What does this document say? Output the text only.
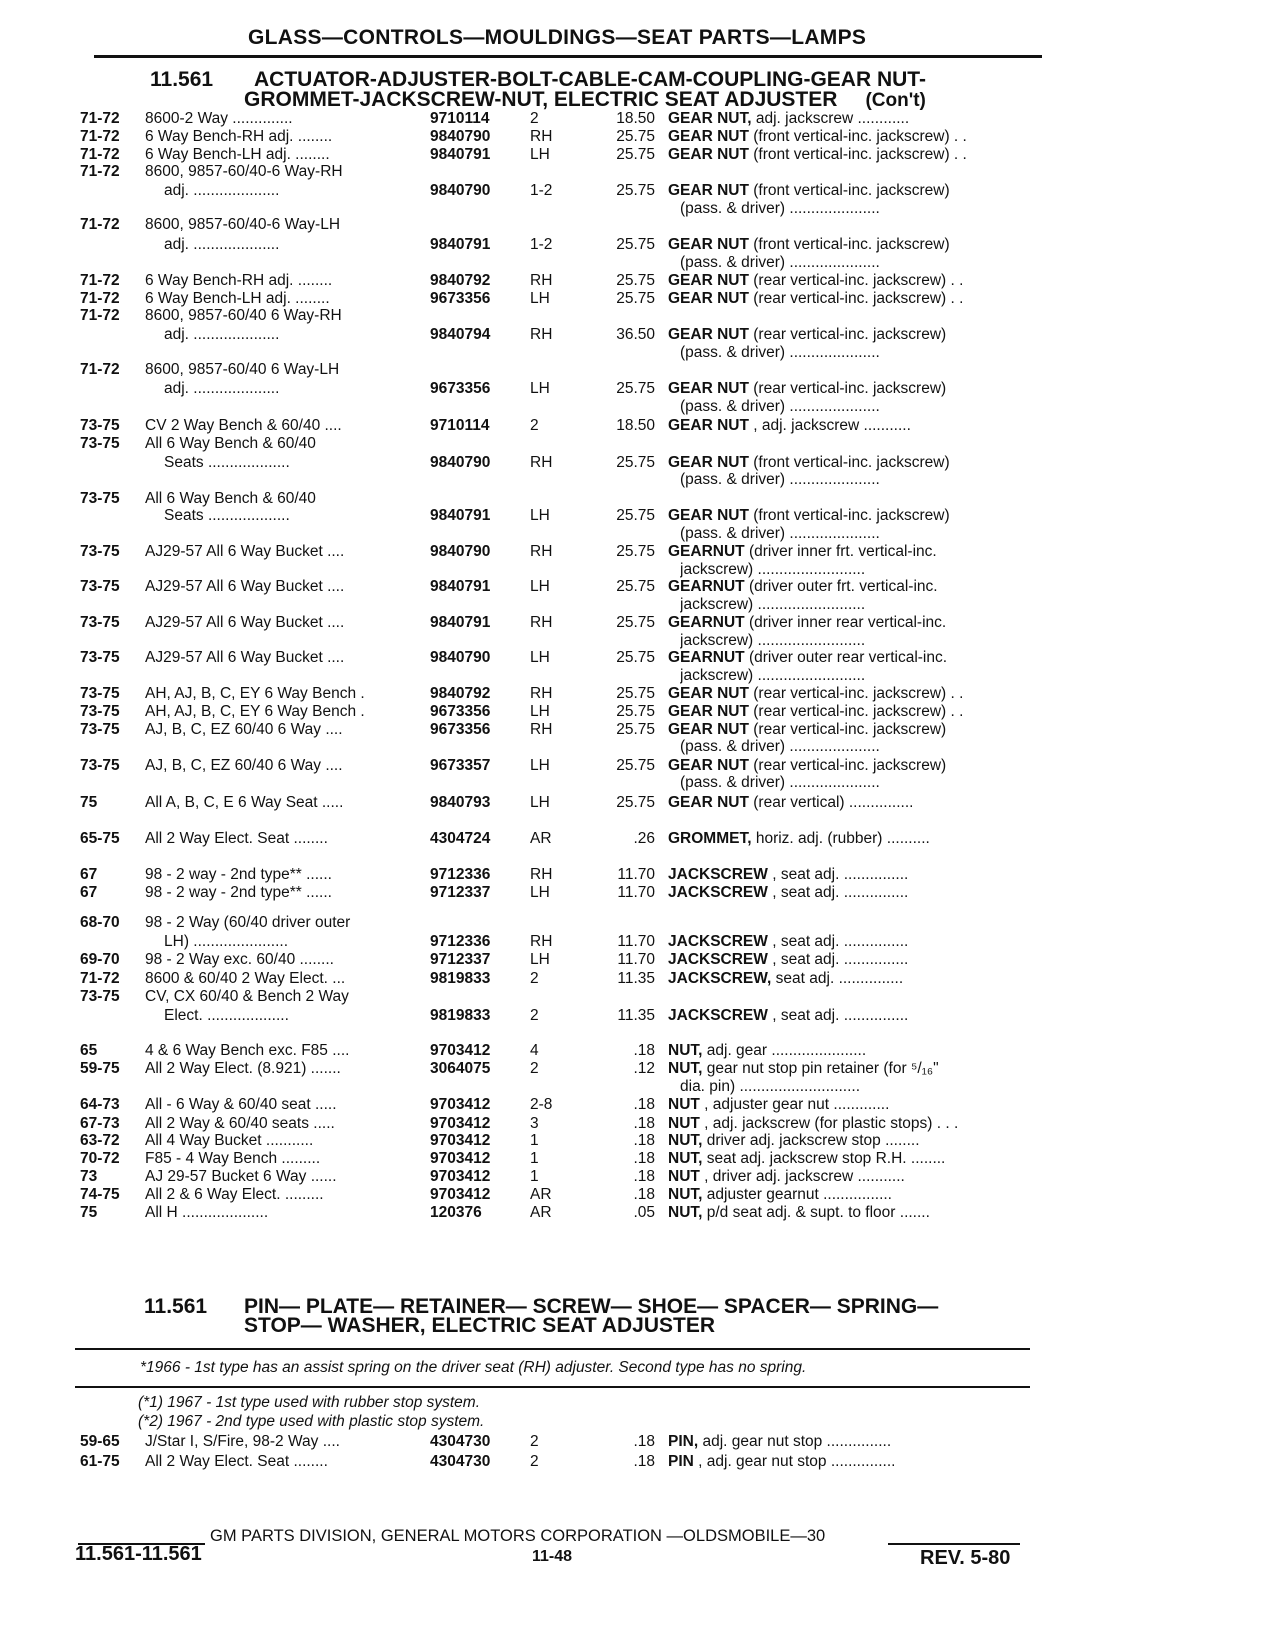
GLASS—CONTROLS—MOULDINGS—SEAT PARTS—LAMPS
11.561 ACTUATOR-ADJUSTER-BOLT-CABLE-CAM-COUPLING-GEAR NUT-
GROMMET-JACKSCREW-NUT, ELECTRIC SEAT ADJUSTER (Con't)
71-72	8600-2 Way ..............	9710114	2	18.50 GEAR NUT, adj. jackscrew ............
71-72	6 Way Bench-RH adj. ........	9840790	RH	25.75 GEAR NUT (front vertical-inc. jackscrew) . .
71-72	6 Way Bench-LH adj. ........	9840791	LH	25.75 GEAR NUT (front vertical-inc. jackscrew) . .
71-72	8600, 9857-60/40-6 Way-RH
adj. ....................	9840790	1-2	25.75 GEAR NUT (front vertical-inc. jackscrew)
(pass. & driver) .....................
71-72	8600, 9857-60/40-6 Way-LH
adj. ....................	9840791	1-2	25.75 GEAR NUT (front vertical-inc. jackscrew)
(pass. & driver) .....................
71-72	6 Way Bench-RH adj. ........	9840792	RH	25.75 GEAR NUT (rear vertical-inc. jackscrew) . .
71-72	6 Way Bench-LH adj. ........	9673356	LH	25.75 GEAR NUT (rear vertical-inc. jackscrew) . .
71-72	8600, 9857-60/40 6 Way-RH
adj. ....................	9840794	RH	36.50 GEAR NUT (rear vertical-inc. jackscrew)
(pass. & driver) .....................
71-72	8600, 9857-60/40 6 Way-LH
adj. ....................	9673356	LH	25.75 GEAR NUT (rear vertical-inc. jackscrew)
(pass. & driver) .....................
73-75	CV 2 Way Bench & 60/40 ....	9710114	2	18.50 GEAR NUT , adj. jackscrew ...........
73-75	All 6 Way Bench & 60/40
Seats ...................	9840790	RH	25.75 GEAR NUT (front vertical-inc. jackscrew)
(pass. & driver) .....................
73-75	All 6 Way Bench & 60/40
Seats ...................	9840791	LH	25.75 GEAR NUT (front vertical-inc. jackscrew)
(pass. & driver) .....................
73-75	AJ29-57 All 6 Way Bucket ....	9840790	RH	25.75 GEARNUT (driver inner frt. vertical-inc.
jackscrew) .........................
73-75	AJ29-57 All 6 Way Bucket ....	9840791	LH	25.75 GEARNUT (driver outer frt. vertical-inc.
jackscrew) .........................
73-75	AJ29-57 All 6 Way Bucket ....	9840791	RH	25.75 GEARNUT (driver inner rear vertical-inc.
jackscrew) .........................
73-75	AJ29-57 All 6 Way Bucket ....	9840790	LH	25.75 GEARNUT (driver outer rear vertical-inc.
jackscrew) .........................
73-75	AH, AJ, B, C, EY 6 Way Bench .	9840792	RH	25.75 GEAR NUT (rear vertical-inc. jackscrew) . .
73-75	AH, AJ, B, C, EY 6 Way Bench .	9673356	LH	25.75 GEAR NUT (rear vertical-inc. jackscrew) . .
73-75	AJ, B, C, EZ 60/40 6 Way ....	9673356	RH	25.75 GEAR NUT (rear vertical-inc. jackscrew)
(pass. & driver) .....................
73-75	AJ, B, C, EZ 60/40 6 Way ....	9673357	LH	25.75 GEAR NUT (rear vertical-inc. jackscrew)
(pass. & driver) .....................
75	All A, B, C, E 6 Way Seat .....	9840793	LH	25.75 GEAR NUT (rear vertical) ...............
65-75	All 2 Way Elect. Seat ........	4304724	AR	.26 GROMMET, horiz. adj. (rubber) ..........
67	98 - 2 way - 2nd type** ......	9712336	RH	11.70 JACKSCREW , seat adj. ...............
67	98 - 2 way - 2nd type** ......	9712337	LH	11.70 JACKSCREW , seat adj. ...............
68-70	98 - 2 Way (60/40 driver outer
LH) ......................	9712336	RH	11.70 JACKSCREW , seat adj. ...............
69-70	98 - 2 Way exc. 60/40 ........	9712337	LH	11.70 JACKSCREW , seat adj. ...............
71-72	8600 & 60/40 2 Way Elect. ...	9819833	2	11.35 JACKSCREW, seat adj. ...............
73-75	CV, CX 60/40 & Bench 2 Way
Elect. ...................	9819833	2	11.35 JACKSCREW , seat adj. ...............
65	4 & 6 Way Bench exc. F85 ....	9703412	4	.18 NUT, adj. gear ......................
59-75	All 2 Way Elect. (8.921) .......	3064075	2	.12 NUT, gear nut stop pin retainer (for ⁵/₁₆"
dia. pin) ............................
64-73	All - 6 Way & 60/40 seat .....	9703412	2-8	.18 NUT , adjuster gear nut .............
67-73	All 2 Way & 60/40 seats .....	9703412	3	.18 NUT , adj. jackscrew (for plastic stops) . . .
63-72	All 4 Way Bucket ...........	9703412	1	.18 NUT, driver adj. jackscrew stop ........
70-72	F85 - 4 Way Bench .........	9703412	1	.18 NUT, seat adj. jackscrew stop R.H. ........
73	AJ 29-57 Bucket 6 Way ......	9703412	1	.18 NUT , driver adj. jackscrew ...........
74-75	All 2 & 6 Way Elect. .........	9703412	AR	.18 NUT, adjuster gearnut ................
75	All H ....................	120376	AR	.05 NUT, p/d seat adj. & supt. to floor .......
11.561 PIN— PLATE— RETAINER— SCREW— SHOE— SPACER— SPRING—
STOP— WASHER, ELECTRIC SEAT ADJUSTER
*1966 - 1st type has an assist spring on the driver seat (RH) adjuster. Second type has no spring.
(*1) 1967 - 1st type used with rubber stop system.
(*2) 1967 - 2nd type used with plastic stop system.
59-65	J/Star I, S/Fire, 98-2 Way ....	4304730	2	.18 PIN, adj. gear nut stop ...............
61-75	All 2 Way Elect. Seat ........	4304730	2	.18 PIN , adj. gear nut stop ...............
GM PARTS DIVISION, GENERAL MOTORS CORPORATION —OLDSMOBILE—30
11.561-11.561	11-48	REV. 5-80
